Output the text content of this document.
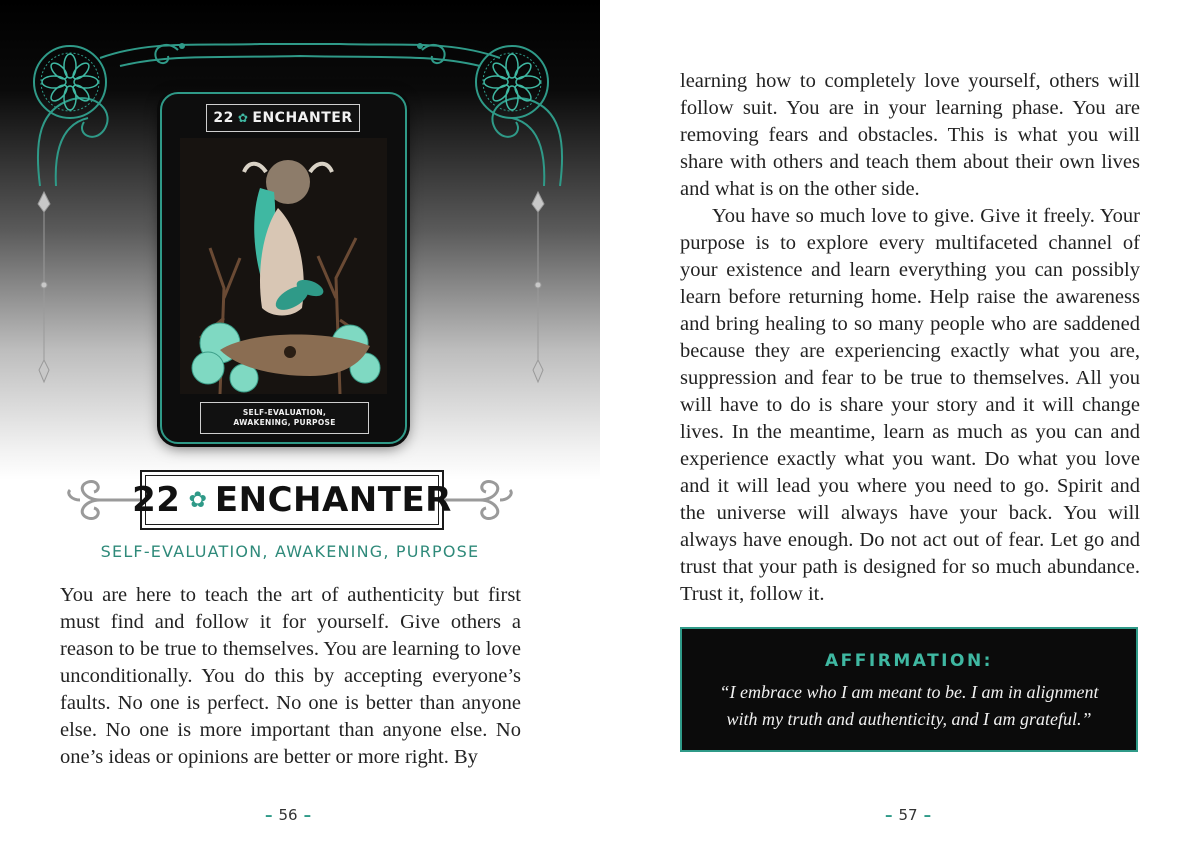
22 ✿ ENCHANTER
SELF-EVALUATION,
AWAKENING, PURPOSE
22 ✿ ENCHANTER
SELF-EVALUATION, AWAKENING, PURPOSE

You are here to teach the art of authenticity but first must find and follow it for yourself. Give others a reason to be true to themselves. You are learning to love unconditionally. You do this by accepting everyone’s faults. No one is perfect. No one is better than anyone else. No one is more important than anyone else. No one’s ideas or opinions are better or more right. By

– 56 –

learning how to completely love yourself, others will follow suit. You are in your learning phase. You are removing fears and obstacles. This is what you will share with others and teach them about their own lives and what is on the other side.

You have so much love to give. Give it freely. Your purpose is to explore every multifaceted channel of your existence and learn everything you can possibly learn before returning home. Help raise the awareness and bring healing to so many people who are saddened because they are experiencing exactly what you are, suppression and fear to be true to themselves. All you will have to do is share your story and it will change lives. In the meantime, learn as much as you can and experience exactly what you want. Do what you love and it will lead you where you need to go. Spirit and the universe will always have your back. You will always have enough. Do not act out of fear. Let go and trust that your path is designed for so much abundance. Trust it, follow it.

AFFIRMATION:
“I embrace who I am meant to be. I am in alignment
with my truth and authenticity, and I am grateful.”
– 57 –
